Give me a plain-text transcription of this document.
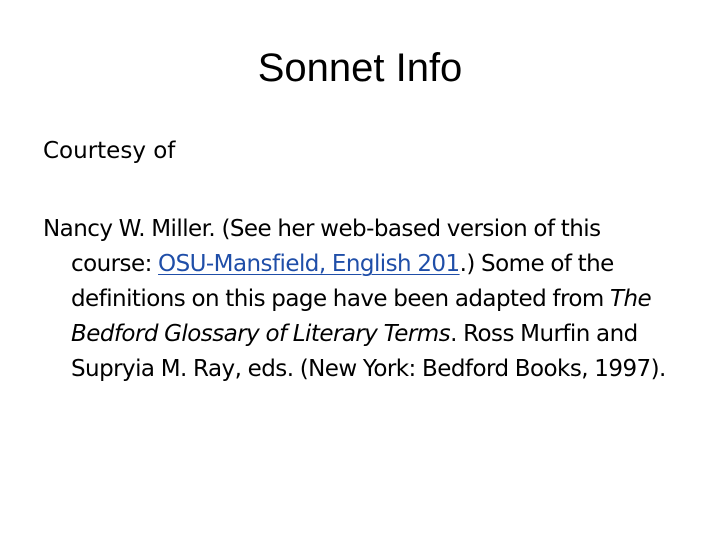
Sonnet Info

Courtesy of

Nancy W. Miller. (See her web-based version of this course: OSU-Mansfield, English 201.) Some of the definitions on this page have been adapted from The Bedford Glossary of Literary Terms. Ross Murfin and Supryia M. Ray, eds. (New York: Bedford Books, 1997).
